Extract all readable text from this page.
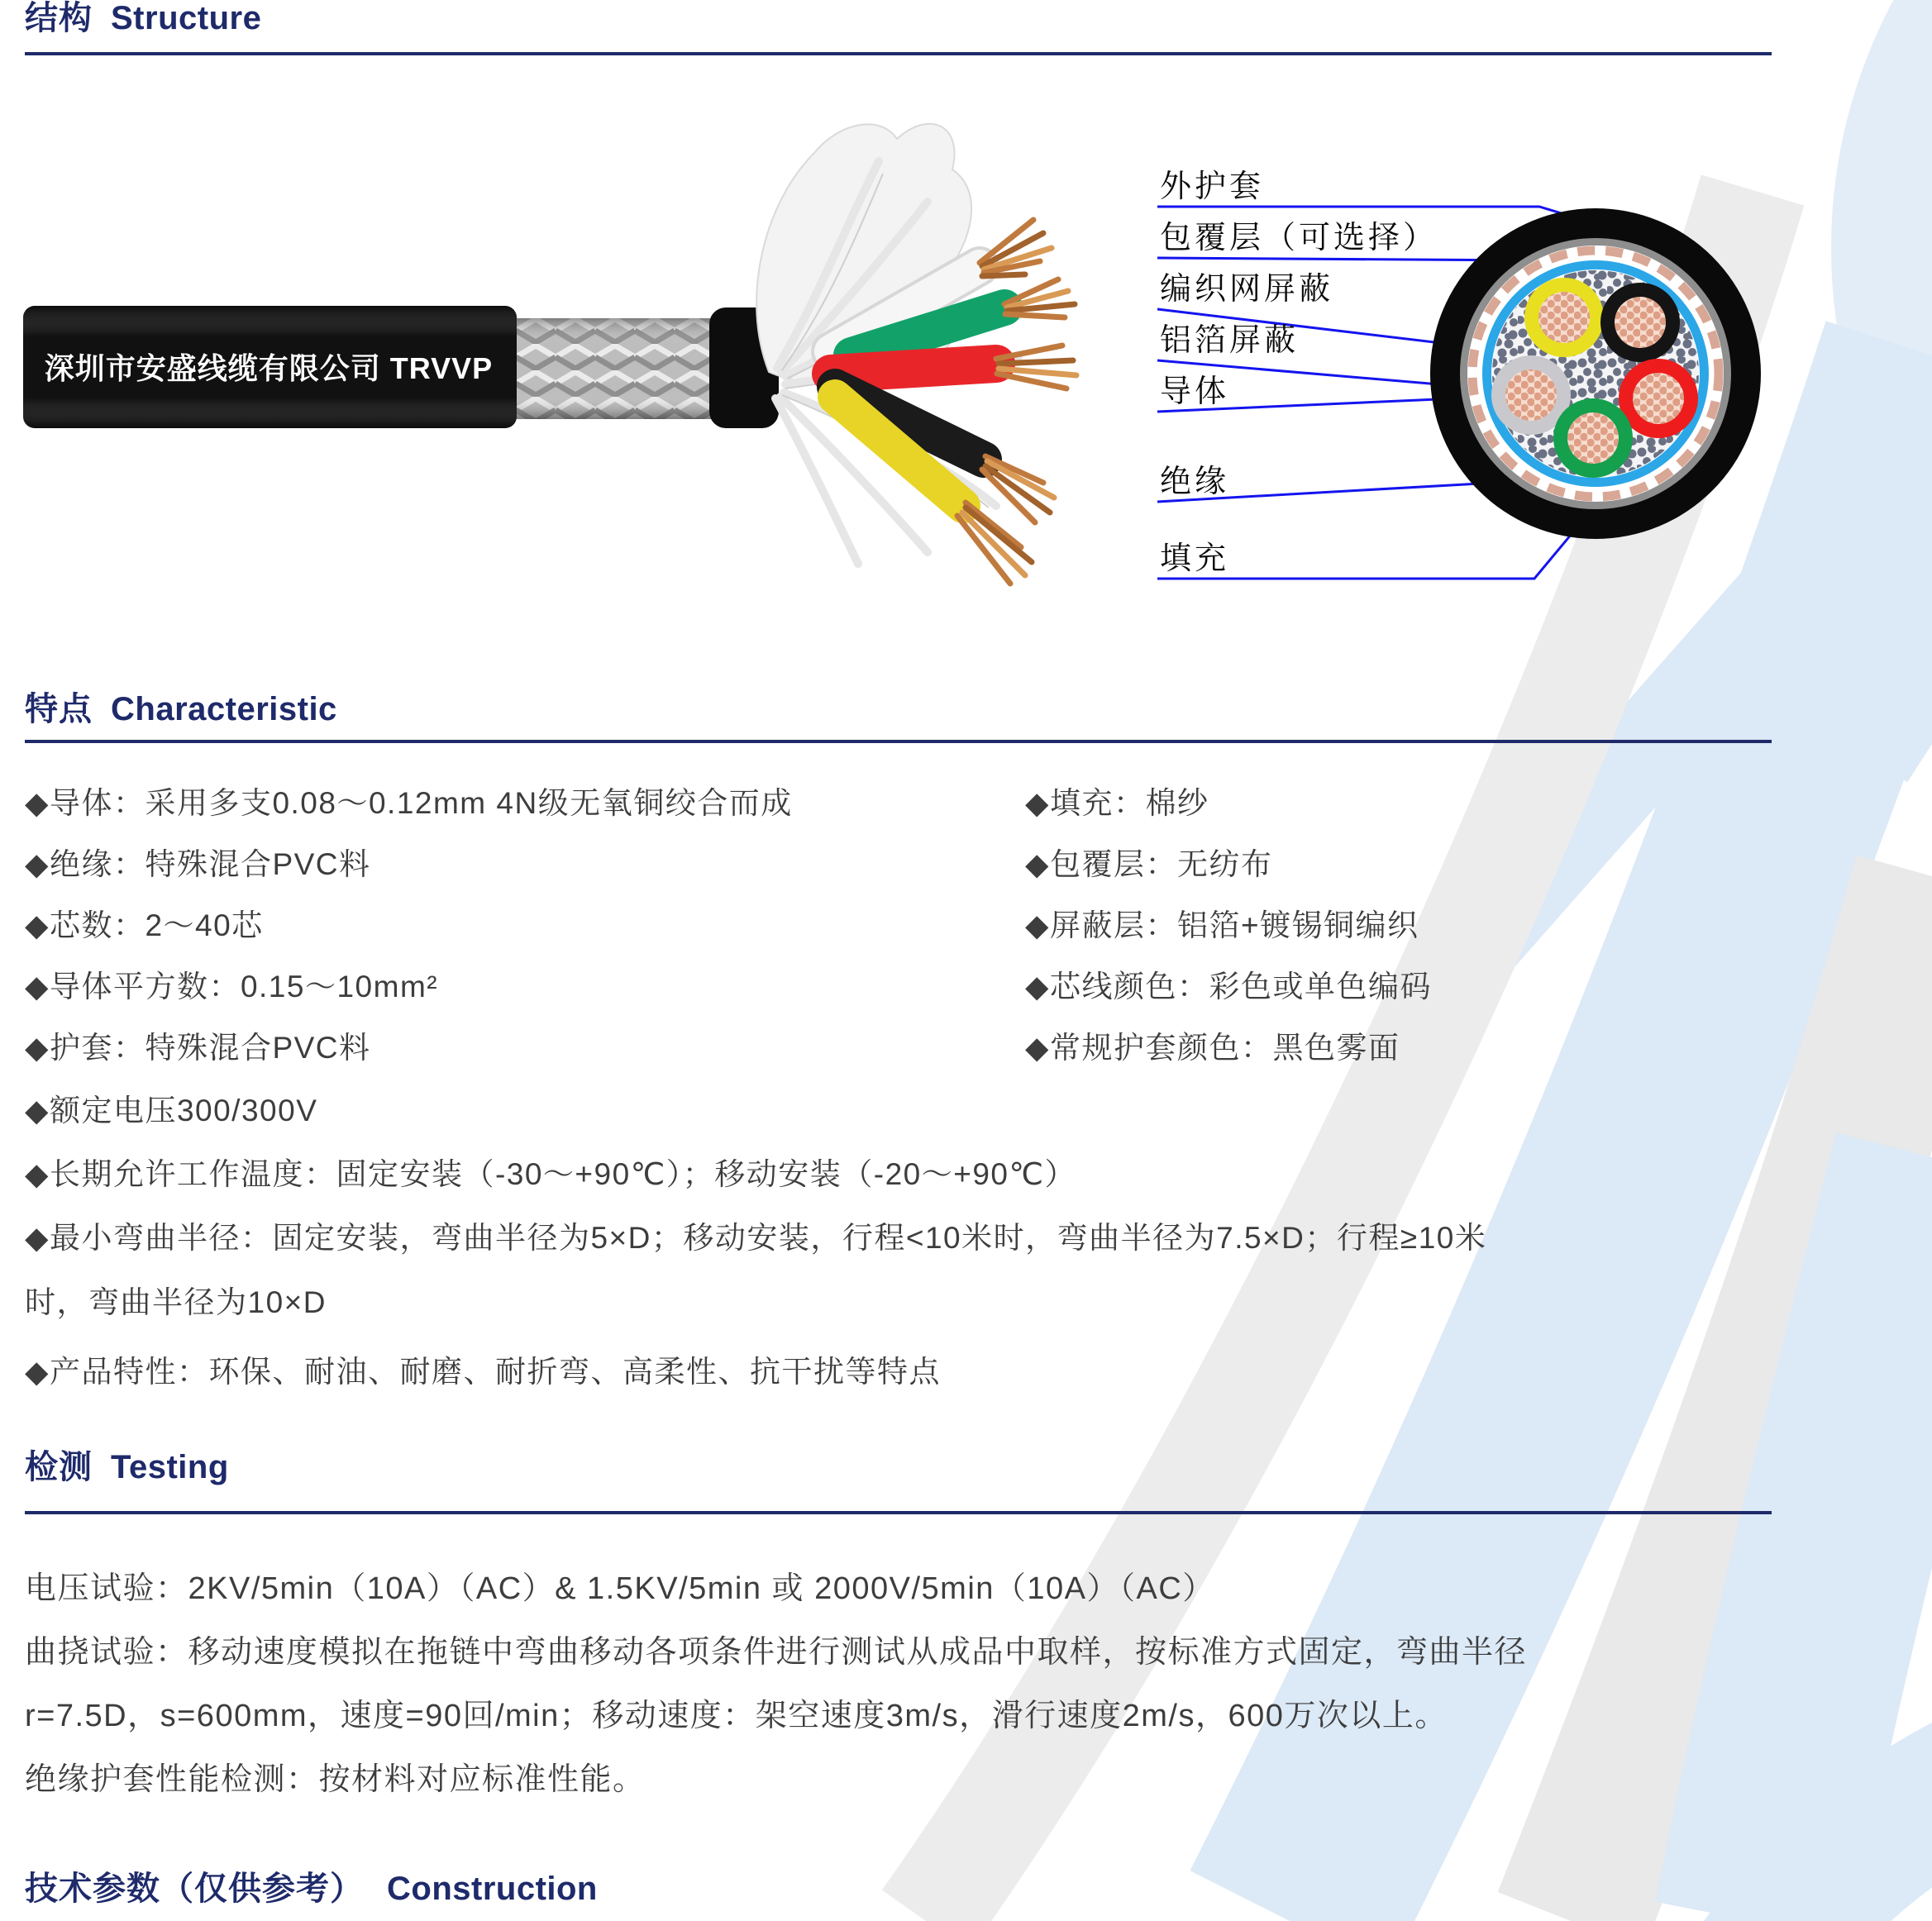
结构 Structure
深圳市安盛线缆有限公司 TRVVP
外护套
包覆层（可选择）
编织网屏蔽
铝箔屏蔽
导体
绝缘
填充
特点 Characteristic
◆导体：采用多支0.08～0.12mm 4N级无氧铜绞合而成
◆绝缘：特殊混合PVC料
◆芯数：2～40芯
◆导体平方数：0.15～10mm²
◆护套：特殊混合PVC料
◆填充：棉纱
◆包覆层：无纺布
◆屏蔽层：铝箔+镀锡铜编织
◆芯线颜色：彩色或单色编码
◆常规护套颜色：黑色雾面
◆额定电压300/300V
◆长期允许工作温度：固定安装（-30～+90℃）；移动安装（-20～+90℃）
◆最小弯曲半径：固定安装，弯曲半径为5×D；移动安装，行程<10米时，弯曲半径为7.5×D；行程≥10米
时，弯曲半径为10×D
◆产品特性：环保、耐油、耐磨、耐折弯、高柔性、抗干扰等特点
检测 Testing
电压试验：2KV/5min（10A）（AC）& 1.5KV/5min 或 2000V/5min（10A）（AC）
曲挠试验：移动速度模拟在拖链中弯曲移动各项条件进行测试从成品中取样，按标准方式固定，弯曲半径
r=7.5D，s=600mm，速度=90回/min；移动速度：架空速度3m/s，滑行速度2m/s，600万次以上。
绝缘护套性能检测：按材料对应标准性能。
技术参数（仅供参考） Construction
